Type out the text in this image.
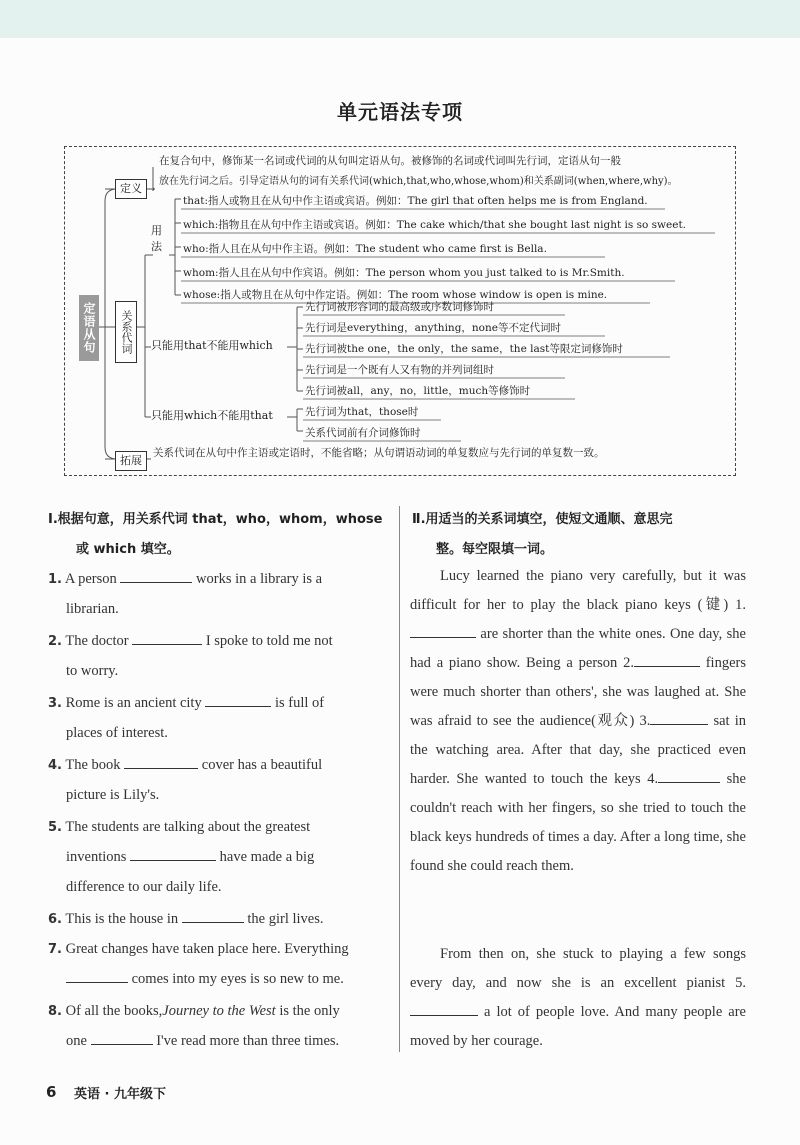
单元语法专项
定语从句
定义
在复合句中，修饰某一名词或代词的从句叫定语从句。被修饰的名词或代词叫先行词，定语从句一般
放在先行词之后。引导定语从句的词有关系代词(which,that,who,whose,whom)和关系副词(when,where,why)。
关系代词
用法
that:指人或物且在从句中作主语或宾语。例如：The girl that often helps me is from England.
which:指物且在从句中作主语或宾语。例如：The cake which/that she bought last night is so sweet.
who:指人且在从句中作主语。例如：The student who came first is Bella.
whom:指人且在从句中作宾语。例如：The person whom you just talked to is Mr.Smith.
whose:指人或物且在从句中作定语。例如：The room whose window is open is mine.
只能用that不能用which
先行词被形容词的最高级或序数词修饰时
先行词是everything，anything，none等不定代词时
先行词被the one，the only，the same，the last等限定词修饰时
先行词是一个既有人又有物的并列词组时
先行词被all，any，no，little，much等修饰时
只能用which不能用that	先行词为that，those时
关系代词前有介词修饰时
拓展
关系代词在从句中作主语或定语时，不能省略；从句谓语动词的单复数应与先行词的单复数一致。
Ⅰ.根据句意，用关系代词 that，who，whom，whose
或 which 填空。
1. A person	works in a library is a
librarian.
2. The doctor	I spoke to told me not
to worry.
3. Rome is an ancient city	is full of
places of interest.
4. The book	cover has a beautiful
picture is Lily's.
5. The students are talking about the greatest
inventions	have made a big
difference to our daily life.
6. This is the house in	the girl lives.
7. Great changes have taken place here. Everything
comes into my eyes is so new to me.
8. Of all the books,Journey to the West is the only
one	I've read more than three times.
Ⅱ.用适当的关系词填空，使短文通顺、意思完
整。每空限填一词。
Lucy learned the piano very carefully, but it was difficult for her to play the black piano keys (键) 1. are shorter than the white ones. One day, she had a piano show. Being a person 2.	fingers were much shorter than others', she was laughed at. She was afraid to see the audience(观众) 3.	sat in the watching area. After that day, she practiced even harder. She wanted to touch the keys 4.	she couldn't reach with her fingers, so she tried to touch the black keys hundreds of times a day. After a long time, she found she could reach them.
From then on, she stuck to playing a few songs every day, and now she is an excellent pianist 5. a lot of people love. And many people are moved by her courage.
6 英语 · 九年级下
